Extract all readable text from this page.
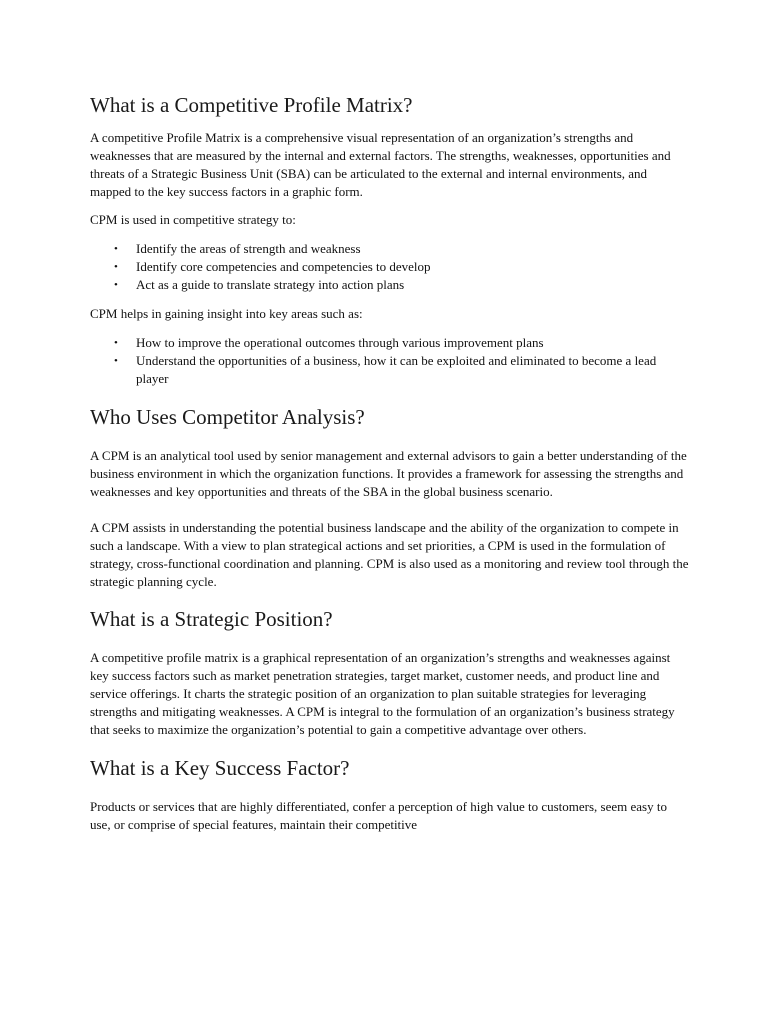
What is a Competitive Profile Matrix?

A competitive Profile Matrix is a comprehensive visual representation of an organization’s strengths and weaknesses that are measured by the internal and external factors. The strengths, weaknesses, opportunities and threats of a Strategic Business Unit (SBA) can be articulated to the external and internal environments, and mapped to the key success factors in a graphic form.

CPM is used in competitive strategy to:

• Identify the areas of strength and weakness
• Identify core competencies and competencies to develop
• Act as a guide to translate strategy into action plans

CPM helps in gaining insight into key areas such as:

• How to improve the operational outcomes through various improvement plans
• Understand the opportunities of a business, how it can be exploited and eliminated to become a lead player
Who Uses Competitor Analysis?

A CPM is an analytical tool used by senior management and external advisors to gain a better understanding of the business environment in which the organization functions. It provides a framework for assessing the strengths and weaknesses and key opportunities and threats of the SBA in the global business scenario.

A CPM assists in understanding the potential business landscape and the ability of the organization to compete in such a landscape. With a view to plan strategical actions and set priorities, a CPM is used in the formulation of strategy, cross-functional coordination and planning. CPM is also used as a monitoring and review tool through the strategic planning cycle.

What is a Strategic Position?

A competitive profile matrix is a graphical representation of an organization’s strengths and weaknesses against key success factors such as market penetration strategies, target market, customer needs, and product line and service offerings. It charts the strategic position of an organization to plan suitable strategies for leveraging strengths and mitigating weaknesses. A CPM is integral to the formulation of an organization’s business strategy that seeks to maximize the organization’s potential to gain a competitive advantage over others.

What is a Key Success Factor?

Products or services that are highly differentiated, confer a perception of high value to customers, seem easy to use, or comprise of special features, maintain their competitive
